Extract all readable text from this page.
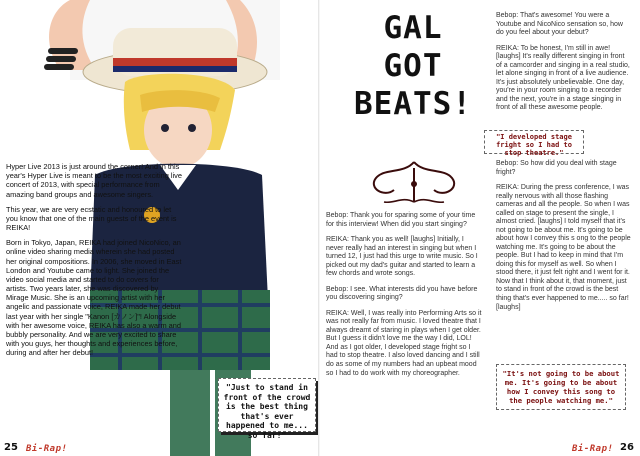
Hyper Live 2013 is just around the corner! And in this year's Hyper Live is meant to be the most exciting live concert of 2013, with special performance from amazing band groups and awesome singers.

This year, we are very ecstatic and honoured to let you know that one of the main guests of the event is REIKA!

Born in Tokyo, Japan, REIKA had joined NicoNico, an online video sharing media wherein she had posted her original compositions. In 2006, she moved in East London and Youtube came to light. She joined the video social media and started to do covers for artists. Two years later, she was discovered by Mirage Music. She is an upcoming artist with her angelic and passionate voice, REIKA made her debut last year with her single "Kanon [カノン]"! Alongside with her awesome voice, REIKA has also a warm and bubbly personality. And we are very excited to share with you guys, her thoughts and experiences before, during and after her debut!

"Just to stand in front of the crowd is the best thing that's ever happened to me... so far!"
25 Bi-Rap!
GAL
GOT
BEATS!

Bebop: Thank you for sparing some of your time for this interview! When did you start singing?

REIKA: Thank you as well! [laughs] Initially, I never really had an interest in singing but when I turned 12, I just had this urge to write music. So I picked out my dad's guitar and started to learn a few chords and wrote songs.

Bebop: I see. What interests did you have before you discovering singing?

REIKA: Well, I was really into Performing Arts so it was not really far from music. I loved theatre that I always dreamt of staring in plays when I get older. But I guess it didn't love me the way I did, LOL! And as I got older, I developed stage fright so I had to stop theatre. I also loved dancing and I still do as some of my numbers had an upbeat mood so I had to do work with my choreographer.

Bebop: That's awesome! You were a Youtube and NicoNico sensation so, how do you feel about your debut?

REIKA: To be honest, I'm still in awe! [laughs] It's really different singing in front of a camcorder and singing in a real studio, let alone singing in front of a live audience. It's just absolutely unbelievable. One day, you're in your room singing to a recorder and the next, you're in a stage singing in front of all these awesome people.

"I developed stage fright so I had to stop theatre."

Bebop: So how did you deal with stage fright?

REIKA: During the press conference, I was really nervous with all those flashing cameras and all the people. So when I was called on stage to present the single, I almost cried. [laughs] I told myself that it's not going to be about me. It's going to be about how I convey this s ong to the people watching me. It's going to be about the people. But I had to keep in mind that I'm doing this for myself as well. So when I stood there, it just felt right and I went for it. Now that I think about it, that moment, just to stand in front of the crowd is the best thing that's ever happened to me..... so far! [laughs]

"It's not going to be about me. It's going to be about how I convey this song to the people watching me."
Bi-Rap! 26
